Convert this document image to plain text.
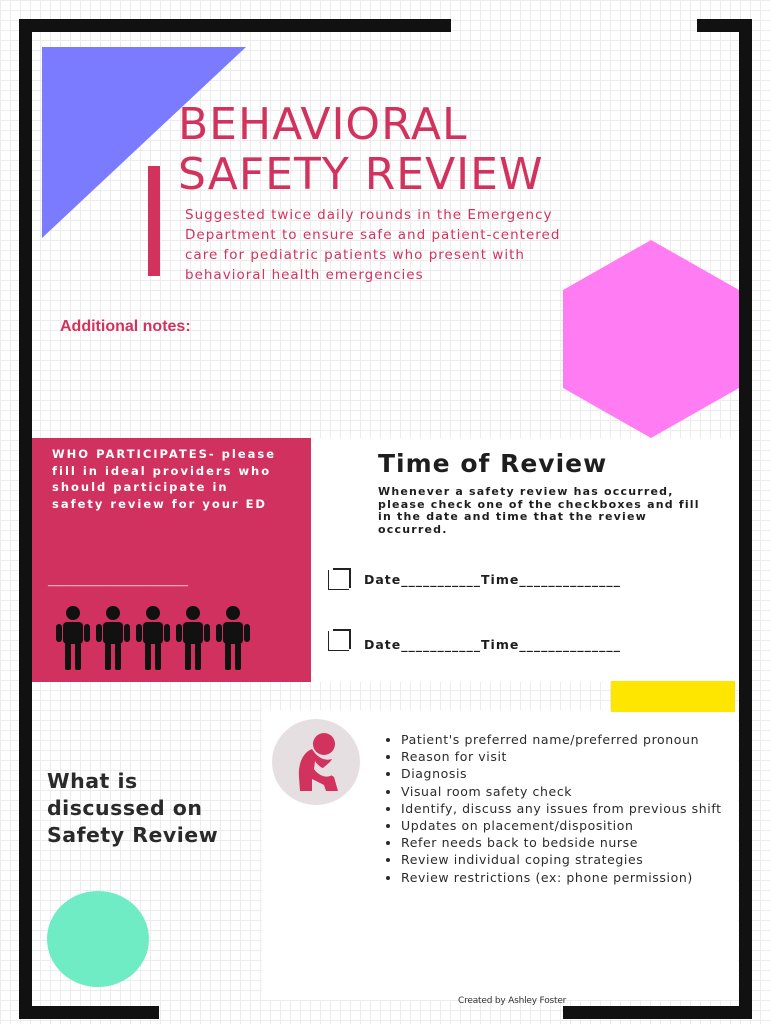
BEHAVIORAL
SAFETY REVIEW
Suggested twice daily rounds in the Emergency Department to ensure safe and patient-centered care for pediatric patients who present with behavioral health emergencies
Additional notes:
WHO PARTICIPATES- please fill in ideal providers who should participate in safety review for your ED
____________________________
Time of Review
Whenever a safety review has occurred, please check one of the checkboxes and fill in the date and time that the review occurred.
Date___________Time______________
Date___________Time______________
What is
discussed on
Safety Review
• Patient's preferred name/preferred pronoun
• Reason for visit
• Diagnosis
• Visual room safety check
• Identify, discuss any issues from previous shift
• Updates on placement/disposition
• Refer needs back to bedside nurse
• Review individual coping strategies
• Review restrictions (ex: phone permission)
Created by Ashley Foster
